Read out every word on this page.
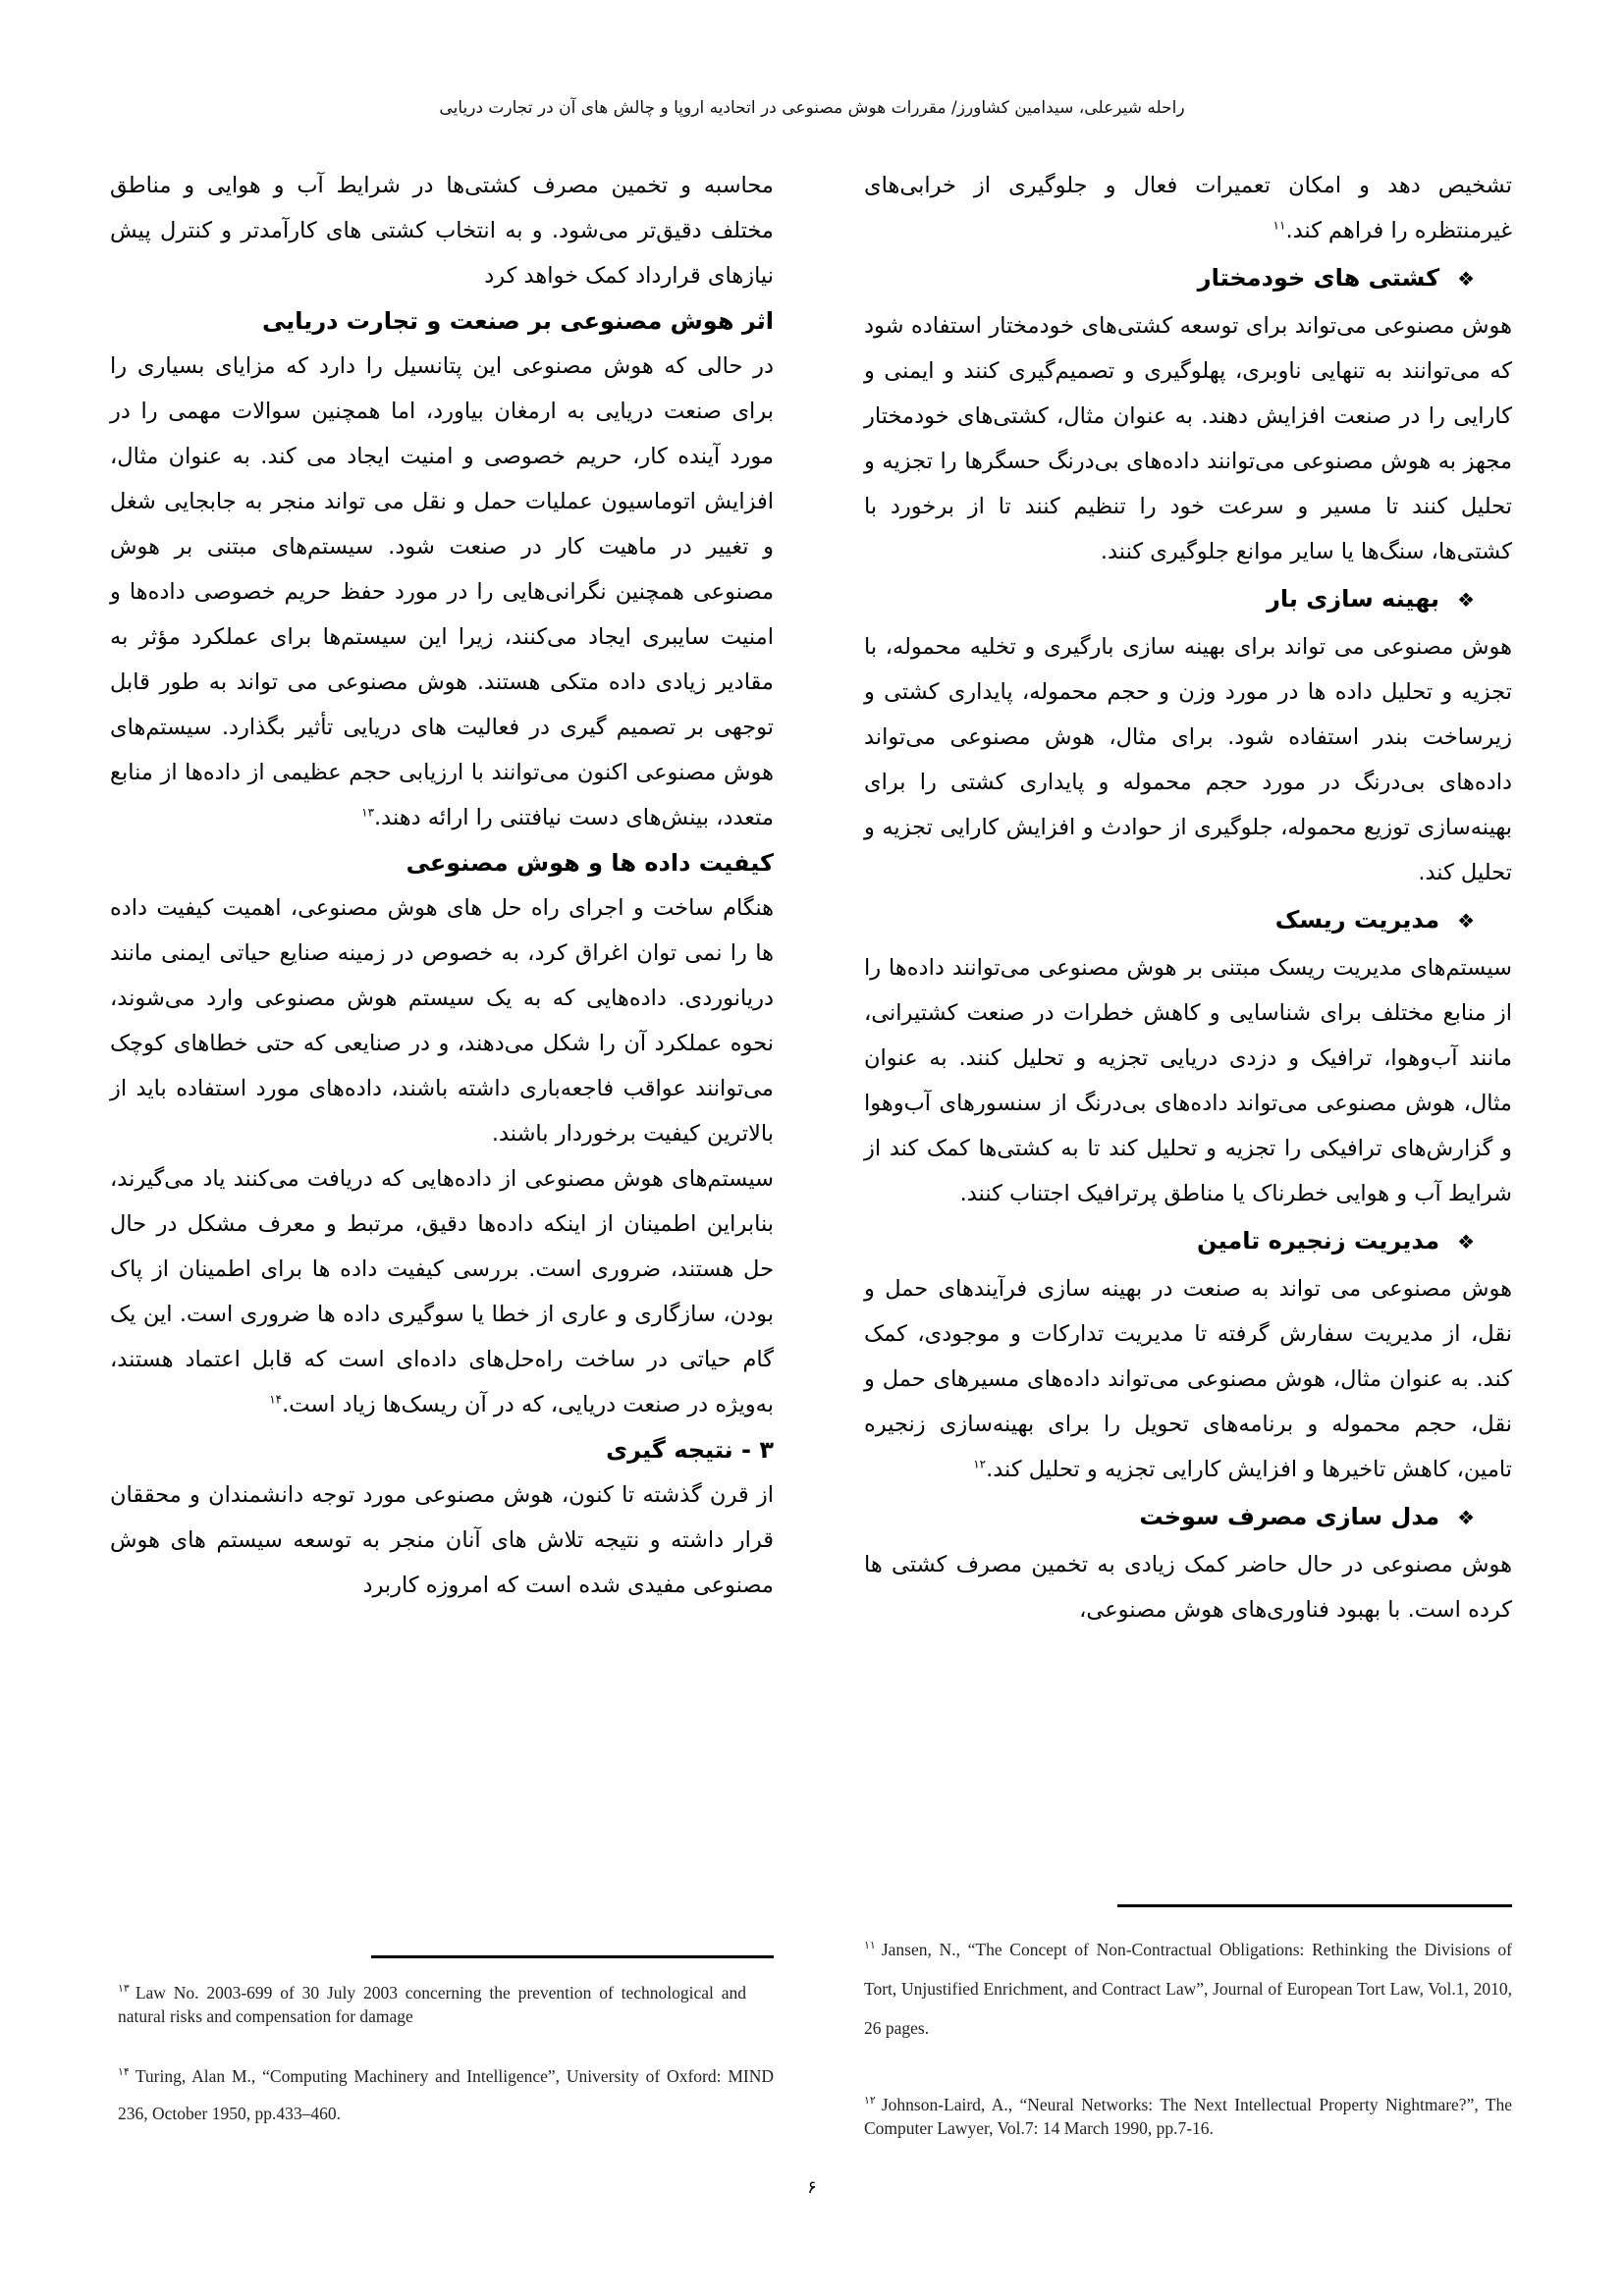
راحله شیرعلی، سیدامین کشاورز/ مقررات هوش مصنوعی در اتحادیه اروپا و چالش های آن در تجارت دریایی

تشخیص دهد و امکان تعمیرات فعال و جلوگیری از خرابی‌های غیرمنتظره را فراهم کند.$^{۱۱}$

❖کشتی های خودمختار

هوش مصنوعی می‌تواند برای توسعه کشتی‌های خودمختار استفاده شود که می‌توانند به تنهایی ناوبری، پهلوگیری و تصمیم‌گیری کنند و ایمنی و کارایی را در صنعت افزایش دهند. به عنوان مثال، کشتی‌های خودمختار مجهز به هوش مصنوعی می‌توانند داده‌های بی‌درنگ حسگرها را تجزیه و تحلیل کنند تا مسیر و سرعت خود را تنظیم کنند تا از برخورد با کشتی‌ها، سنگ‌ها یا سایر موانع جلوگیری کنند.

❖بهینه سازی بار

هوش مصنوعی می تواند برای بهینه سازی بارگیری و تخلیه محموله، با تجزیه و تحلیل داده ها در مورد وزن و حجم محموله، پایداری کشتی و زیرساخت بندر استفاده شود. برای مثال، هوش مصنوعی می‌تواند داده‌های بی‌درنگ در مورد حجم محموله و پایداری کشتی را برای بهینه‌سازی توزیع محموله، جلوگیری از حوادث و افزایش کارایی تجزیه و تحلیل کند.

❖مدیریت ریسک

سیستم‌های مدیریت ریسک مبتنی بر هوش مصنوعی می‌توانند داده‌ها را از منابع مختلف برای شناسایی و کاهش خطرات در صنعت کشتیرانی، مانند آب‌وهوا، ترافیک و دزدی دریایی تجزیه و تحلیل کنند. به عنوان مثال، هوش مصنوعی می‌تواند داده‌های بی‌درنگ از سنسورهای آب‌وهوا و گزارش‌های ترافیکی را تجزیه و تحلیل کند تا به کشتی‌ها کمک کند از شرایط آب و هوایی خطرناک یا مناطق پرترافیک اجتناب کنند.

❖مدیریت زنجیره تامین

هوش مصنوعی می تواند به صنعت در بهینه سازی فرآیندهای حمل و نقل، از مدیریت سفارش گرفته تا مدیریت تدارکات و موجودی، کمک کند. به عنوان مثال، هوش مصنوعی می‌تواند داده‌های مسیرهای حمل و نقل، حجم محموله و برنامه‌های تحویل را برای بهینه‌سازی زنجیره تامین، کاهش تاخیرها و افزایش کارایی تجزیه و تحلیل کند.$^{۱۲}$

❖مدل سازی مصرف سوخت

هوش مصنوعی در حال حاضر کمک زیادی به تخمین مصرف کشتی ها کرده است. با بهبود فناوری‌های هوش مصنوعی،

$^{۱۱}$ Jansen, N., “The Concept of Non-Contractual Obligations: Rethinking the Divisions of Tort, Unjustified Enrichment, and Contract Law”, Journal of European Tort Law, Vol.1, 2010, 26 pages.
$^{۱۲}$ Johnson-Laird, A., “Neural Networks: The Next Intellectual Property Nightmare?”, The Computer Lawyer, Vol.7: 14 March 1990, pp.7-16.

محاسبه و تخمین مصرف کشتی‌ها در شرایط آب و هوایی و مناطق مختلف دقیق‌تر می‌شود. و به انتخاب کشتی های کارآمدتر و کنترل پیش نیازهای قرارداد کمک خواهد کرد

اثر هوش مصنوعی بر صنعت و تجارت دریایی

در حالی که هوش مصنوعی این پتانسیل را دارد که مزایای بسیاری را برای صنعت دریایی به ارمغان بیاورد، اما همچنین سوالات مهمی را در مورد آینده کار، حریم خصوصی و امنیت ایجاد می کند. به عنوان مثال، افزایش اتوماسیون عملیات حمل و نقل می تواند منجر به جابجایی شغل و تغییر در ماهیت کار در صنعت شود. سیستم‌های مبتنی بر هوش مصنوعی همچنین نگرانی‌هایی را در مورد حفظ حریم خصوصی داده‌ها و امنیت سایبری ایجاد می‌کنند، زیرا این سیستم‌ها برای عملکرد مؤثر به مقادیر زیادی داده متکی هستند. هوش مصنوعی می تواند به طور قابل توجهی بر تصمیم گیری در فعالیت های دریایی تأثیر بگذارد. سیستم‌های هوش مصنوعی اکنون می‌توانند با ارزیابی حجم عظیمی از داده‌ها از منابع متعدد، بینش‌های دست نیافتنی را ارائه دهند.$^{۱۳}$

کیفیت داده ها و هوش مصنوعی

هنگام ساخت و اجرای راه حل های هوش مصنوعی، اهمیت کیفیت داده ها را نمی توان اغراق کرد، به خصوص در زمینه صنایع حیاتی ایمنی مانند دریانوردی. داده‌هایی که به یک سیستم هوش مصنوعی وارد می‌شوند، نحوه عملکرد آن را شکل می‌دهند، و در صنایعی که حتی خطاهای کوچک می‌توانند عواقب فاجعه‌باری داشته باشند، داده‌های مورد استفاده باید از بالاترین کیفیت برخوردار باشند.

سیستم‌های هوش مصنوعی از داده‌هایی که دریافت می‌کنند یاد می‌گیرند، بنابراین اطمینان از اینکه داده‌ها دقیق، مرتبط و معرف مشکل در حال حل هستند، ضروری است. بررسی کیفیت داده ها برای اطمینان از پاک بودن، سازگاری و عاری از خطا یا سوگیری داده ها ضروری است. این یک گام حیاتی در ساخت راه‌حل‌های داده‌ای است که قابل اعتماد هستند، به‌ویژه در صنعت دریایی، که در آن ریسک‌ها زیاد است.$^{۱۴}$

۳ - نتیجه گیری

از قرن گذشته تا کنون، هوش مصنوعی مورد توجه دانشمندان و محققان قرار داشته و نتیجه تلاش های آنان منجر به توسعه سیستم های هوش مصنوعی مفیدی شده است که امروزه کاربرد

$^{۱۳}$ Law No. 2003-699 of 30 July 2003 concerning the prevention of technological and natural risks and compensation for damage
$^{۱۴}$ Turing, Alan M., “Computing Machinery and Intelligence”, University of Oxford: MIND 236, October 1950, pp.433–460.
۶
